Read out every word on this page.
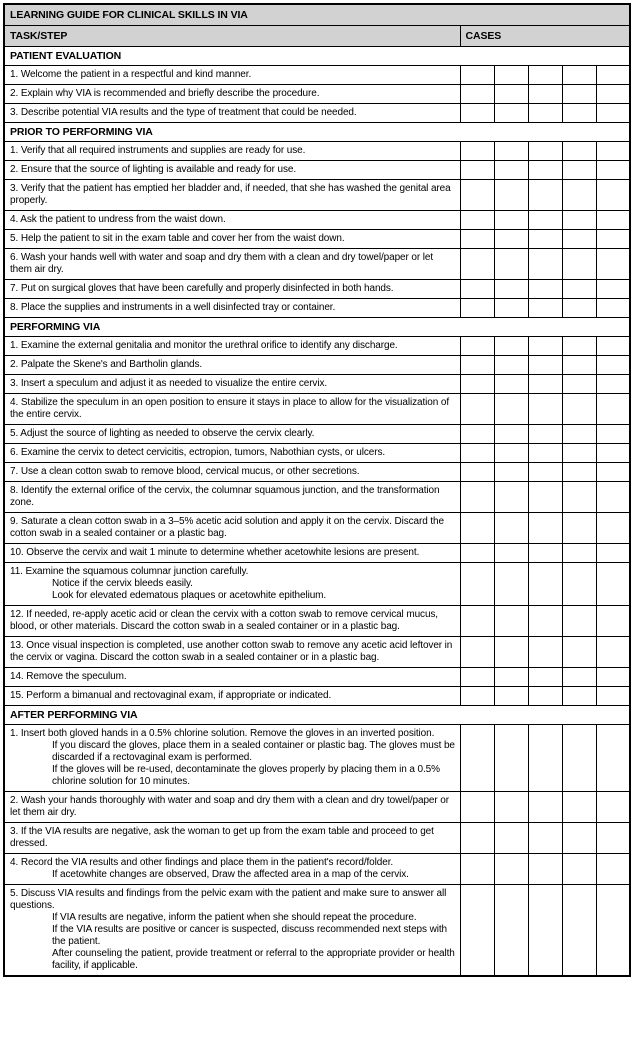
LEARNING GUIDE FOR CLINICAL SKILLS IN VIA					
TASK/STEP	CASES				
PATIENT EVALUATION					

1. Welcome the patient in a respectful and kind manner.					

2. Explain why VIA is recommended and briefly describe the procedure.					

3. Describe potential VIA results and the type of treatment that could be needed.					

PRIOR TO PERFORMING VIA					

1. Verify that all required instruments and supplies are ready for use.					

2. Ensure that the source of lighting is available and ready for use.					

3. Verify that the patient has emptied her bladder and, if needed, that she has washed the genital area properly.					

4. Ask the patient to undress from the waist down.					

5. Help the patient to sit in the exam table and cover her from the waist down.					

6. Wash your hands well with water and soap and dry them with a clean and dry towel/paper or let them air dry.					

7. Put on surgical gloves that have been carefully and properly disinfected in both hands.					

8. Place the supplies and instruments in a well disinfected tray or container.					

PERFORMING VIA					

1. Examine the external genitalia and monitor the urethral orifice to identify any discharge.					

2. Palpate the Skene's and Bartholin glands.					

3. Insert a speculum and adjust it as needed to visualize the entire cervix.					

4. Stabilize the speculum in an open position to ensure it stays in place to allow for the visualization of the entire cervix.					

5. Adjust the source of lighting as needed to observe the cervix clearly.					

6. Examine the cervix to detect cervicitis, ectropion, tumors, Nabothian cysts, or ulcers.					

7. Use a clean cotton swab to remove blood, cervical mucus, or other secretions.					

8. Identify the external orifice of the cervix, the columnar squamous junction, and the transformation zone.					

9. Saturate a clean cotton swab in a 3–5% acetic acid solution and apply it on the cervix. Discard the cotton swab in a sealed container or a plastic bag.					

10. Observe the cervix and wait 1 minute to determine whether acetowhite lesions are present.					

11. Examine the squamous columnar junction carefully.
Notice if the cervix bleeds easily.
Look for elevated edematous plaques or acetowhite epithelium.					

12. If needed, re-apply acetic acid or clean the cervix with a cotton swab to remove cervical mucus, blood, or other materials. Discard the cotton swab in a sealed container or in a plastic bag.					

13. Once visual inspection is completed, use another cotton swab to remove any acetic acid leftover in the cervix or vagina. Discard the cotton swab in a sealed container or in a plastic bag.					

14. Remove the speculum.					

15. Perform a bimanual and rectovaginal exam, if appropriate or indicated.					

AFTER PERFORMING VIA					

1. Insert both gloved hands in a 0.5% chlorine solution. Remove the gloves in an inverted position.
If you discard the gloves, place them in a sealed container or plastic bag. The gloves must be discarded if a rectovaginal exam is performed.
If the gloves will be re-used, decontaminate the gloves properly by placing them in a 0.5% chlorine solution for 10 minutes.					

2. Wash your hands thoroughly with water and soap and dry them with a clean and dry towel/paper or let them air dry.					

3. If the VIA results are negative, ask the woman to get up from the exam table and proceed to get dressed.					

4. Record the VIA results and other findings and place them in the patient's record/folder.
If acetowhite changes are observed, Draw the affected area in a map of the cervix.					

5. Discuss VIA results and findings from the pelvic exam with the patient and make sure to answer all questions.
If VIA results are negative, inform the patient when she should repeat the procedure.
If the VIA results are positive or cancer is suspected, discuss recommended next steps with the patient.
After counseling the patient, provide treatment or referral to the appropriate provider or health facility, if applicable.					
